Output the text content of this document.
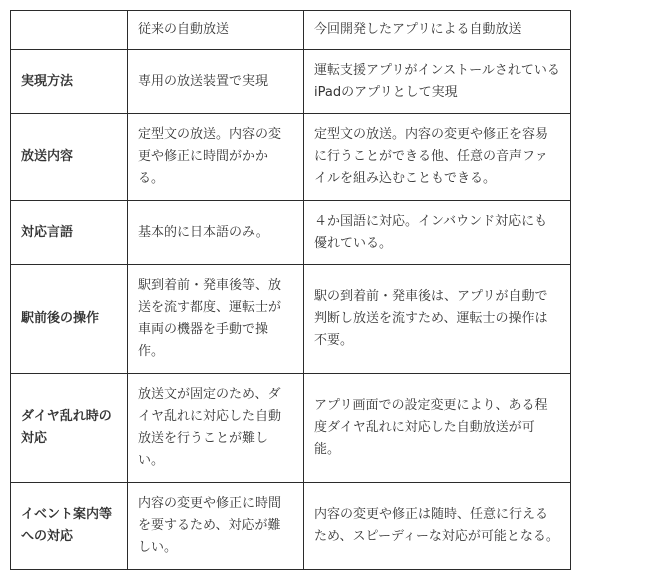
	従来の自動放送	今回開発したアプリによる自動放送
実現方法	専用の放送装置で実現	運転支援アプリがインストールされているiPadのアプリとして実現
放送内容	定型文の放送。内容の変更や修正に時間がかかる。	定型文の放送。内容の変更や修正を容易に行うことができる他、任意の音声ファイルを組み込むこともできる。
対応言語	基本的に日本語のみ。	４か国語に対応。インバウンド対応にも優れている。
駅前後の操作	駅到着前・発車後等、放送を流す都度、運転士が車両の機器を手動で操作。	駅の到着前・発車後は、アプリが自動で判断し放送を流すため、運転士の操作は不要。
ダイヤ乱れ時の対応	放送文が固定のため、ダイヤ乱れに対応した自動放送を行うことが難しい。	アプリ画面での設定変更により、ある程度ダイヤ乱れに対応した自動放送が可能。
イベント案内等への対応	内容の変更や修正に時間を要するため、対応が難しい。	内容の変更や修正は随時、任意に行えるため、スピーディーな対応が可能となる。
